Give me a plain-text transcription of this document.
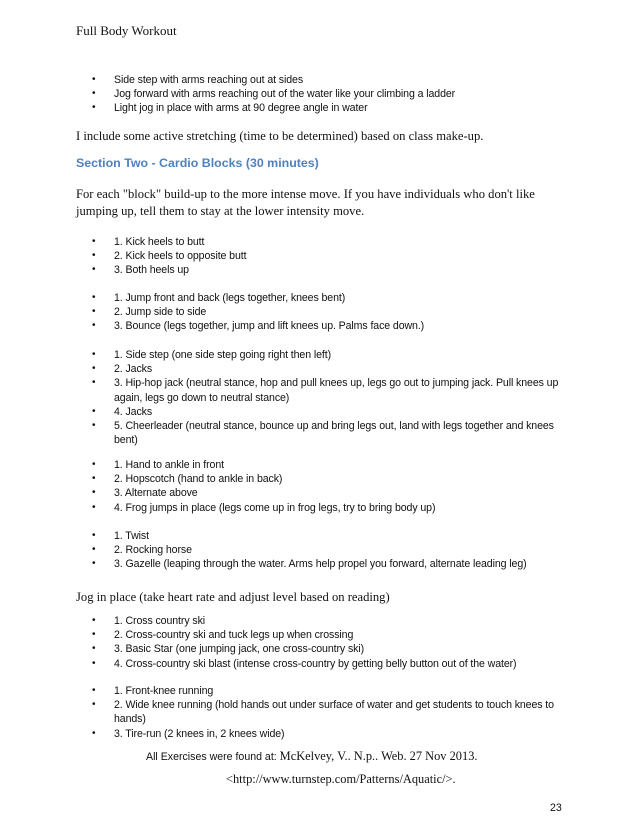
Full Body Workout
• Side step with arms reaching out at sides
• Jog forward with arms reaching out of the water like your climbing a ladder
• Light jog in place with arms at 90 degree angle in water
I include some active stretching (time to be determined) based on class make-up.
Section Two - Cardio Blocks (30 minutes)
For each "block" build-up to the more intense move. If you have individuals who don't like jumping up, tell them to stay at the lower intensity move.
• 1. Kick heels to butt
• 2. Kick heels to opposite butt
• 3. Both heels up
• 1. Jump front and back (legs together, knees bent)
• 2. Jump side to side
• 3. Bounce (legs together, jump and lift knees up. Palms face down.)
• 1. Side step (one side step going right then left)
• 2. Jacks
• 3. Hip-hop jack (neutral stance, hop and pull knees up, legs go out to jumping jack. Pull knees up again, legs go down to neutral stance)
• 4. Jacks
• 5. Cheerleader (neutral stance, bounce up and bring legs out, land with legs together and knees bent)
• 1. Hand to ankle in front
• 2. Hopscotch (hand to ankle in back)
• 3. Alternate above
• 4. Frog jumps in place (legs come up in frog legs, try to bring body up)
• 1. Twist
• 2. Rocking horse
• 3. Gazelle (leaping through the water. Arms help propel you forward, alternate leading leg)
Jog in place (take heart rate and adjust level based on reading)
• 1. Cross country ski
• 2. Cross-country ski and tuck legs up when crossing
• 3. Basic Star (one jumping jack, one cross-country ski)
• 4. Cross-country ski blast (intense cross-country by getting belly button out of the water)
• 1. Front-knee running
• 2. Wide knee running (hold hands out under surface of water and get students to touch knees to hands)
• 3. Tire-run (2 knees in, 2 knees wide)
All Exercises were found at: McKelvey, V.. N.p.. Web. 27 Nov 2013.
<http://www.turnstep.com/Patterns/Aquatic/>.
23
